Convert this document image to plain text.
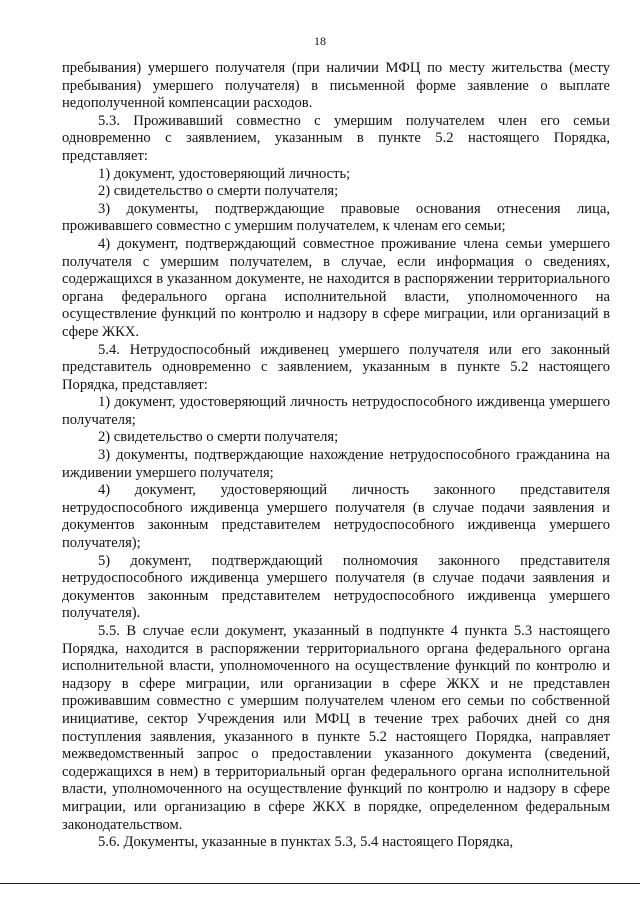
18

пребывания) умершего получателя (при наличии МФЦ по месту жительства (месту пребывания) умершего получателя) в письменной форме заявление о выплате недополученной компенсации расходов.

5.3. Проживавший совместно с умершим получателем член его семьи одновременно с заявлением, указанным в пункте 5.2 настоящего Порядка, представляет:

1) документ, удостоверяющий личность;

2) свидетельство о смерти получателя;

3) документы, подтверждающие правовые основания отнесения лица, проживавшего совместно с умершим получателем, к членам его семьи;

4) документ, подтверждающий совместное проживание члена семьи умершего получателя с умершим получателем, в случае, если информация о сведениях, содержащихся в указанном документе, не находится в распоряжении территориального органа федерального органа исполнительной власти, уполномоченного на осуществление функций по контролю и надзору в сфере миграции, или организаций в сфере ЖКХ.

5.4. Нетрудоспособный иждивенец умершего получателя или его законный представитель одновременно с заявлением, указанным в пункте 5.2 настоящего Порядка, представляет:

1) документ, удостоверяющий личность нетрудоспособного иждивенца умершего получателя;

2) свидетельство о смерти получателя;

3) документы, подтверждающие нахождение нетрудоспособного гражданина на иждивении умершего получателя;

4) документ, удостоверяющий личность законного представителя нетрудоспособного иждивенца умершего получателя (в случае подачи заявления и документов законным представителем нетрудоспособного иждивенца умершего получателя);

5) документ, подтверждающий полномочия законного представителя нетрудоспособного иждивенца умершего получателя (в случае подачи заявления и документов законным представителем нетрудоспособного иждивенца умершего получателя).

5.5. В случае если документ, указанный в подпункте 4 пункта 5.3 настоящего Порядка, находится в распоряжении территориального органа федерального органа исполнительной власти, уполномоченного на осуществление функций по контролю и надзору в сфере миграции, или организации в сфере ЖКХ и не представлен проживавшим совместно с умершим получателем членом его семьи по собственной инициативе, сектор Учреждения или МФЦ в течение трех рабочих дней со дня поступления заявления, указанного в пункте 5.2 настоящего Порядка, направляет межведомственный запрос о предоставлении указанного документа (сведений, содержащихся в нем) в территориальный орган федерального органа исполнительной власти, уполномоченного на осуществление функций по контролю и надзору в сфере миграции, или организацию в сфере ЖКХ в порядке, определенном федеральным законодательством.

5.6. Документы, указанные в пунктах 5.3, 5.4 настоящего Порядка,
